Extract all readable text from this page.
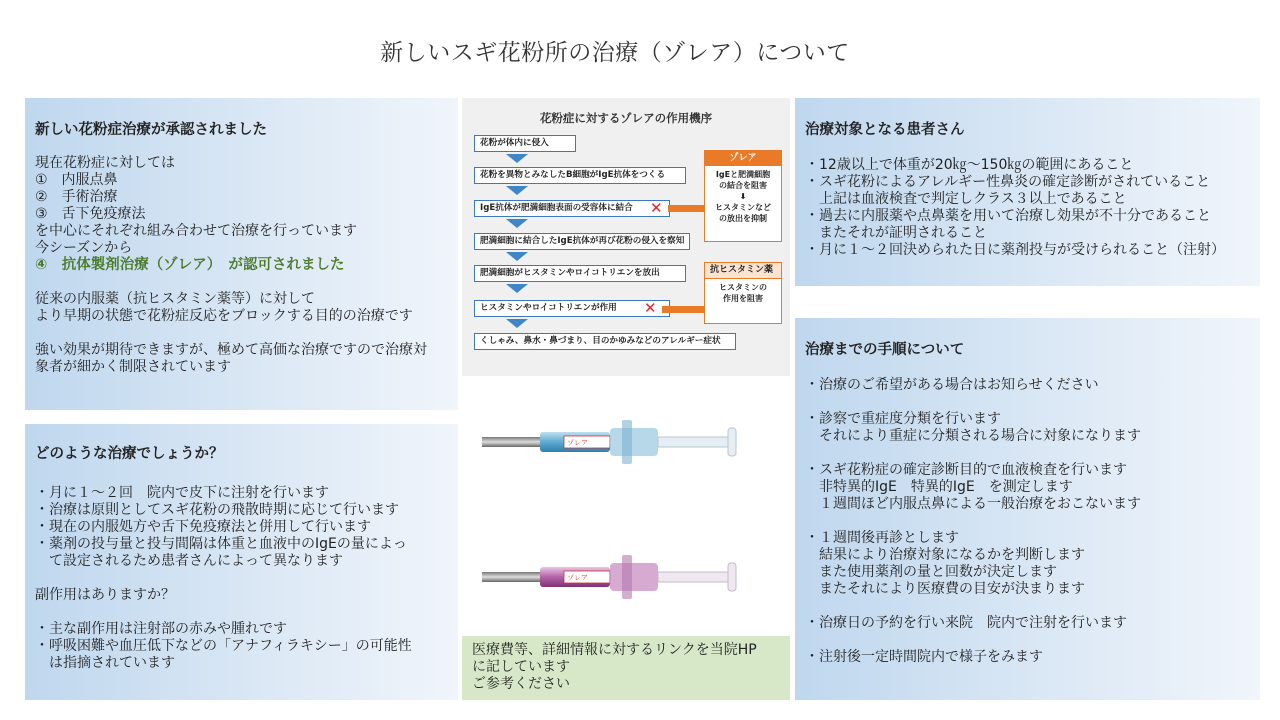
新しいスギ花粉所の治療（ゾレア）について
新しい花粉症治療が承認されました
現在花粉症に対しては
①　内服点鼻
②　手術治療
③　舌下免疫療法
を中心にそれぞれ組み合わせて治療を行っています
今シーズンから
④　抗体製剤治療（ゾレア）　が認可されました
従来の内服薬（抗ヒスタミン薬等）に対して
より早期の状態で花粉症反応をブロックする目的の治療です
強い効果が期待できますが、極めて高価な治療ですので治療対
象者が細かく制限されています
どのような治療でしょうか？
・月に１～２回　院内で皮下に注射を行います
・治療は原則としてスギ花粉の飛散時期に応じて行います
・現在の内服処方や舌下免疫療法と併用して行います
・薬剤の投与量と投与間隔は体重と血液中のIgEの量によっ
　て設定されるため患者さんによって異なります
副作用はありますか？
・主な副作用は注射部の赤みや腫れです
・呼吸困難や血圧低下などの「アナフィラキシー」の可能性
　は指摘されています
花粉症に対するゾレアの作用機序
花粉が体内に侵入
花粉を異物とみなしたB細胞がIgE抗体をつくる
IgE抗体が肥満細胞表面の受容体に結合	✕
肥満細胞に結合したIgE抗体が再び花粉の侵入を察知
肥満細胞がヒスタミンやロイコトリエンを放出
ヒスタミンやロイコトリエンが作用	✕
くしゃみ、鼻水・鼻づまり、目のかゆみなどのアレルギー症状
ゾレア
IgEと肥満細胞
の結合を阻害
⬇
ヒスタミンなど
の放出を抑制
抗ヒスタミン薬
ヒスタミンの
作用を阻害
ゾレア
ゾレア
医療費等、詳細情報に対するリンクを当院HP
に記しています
ご参考ください
治療対象となる患者さん
・12歳以上で体重が20㎏～150㎏の範囲にあること
・スギ花粉によるアレルギー性鼻炎の確定診断がされていること
　上記は血液検査で判定しクラス３以上であること
・過去に内服薬や点鼻薬を用いて治療し効果が不十分であること
　またそれが証明されること
・月に１～２回決められた日に薬剤投与が受けられること（注射）
治療までの手順について
・治療のご希望がある場合はお知らせください
・診察で重症度分類を行います
　それにより重症に分類される場合に対象になります
・スギ花粉症の確定診断目的で血液検査を行います
　非特異的IgE　特異的IgE　を測定します
　１週間ほど内服点鼻による一般治療をおこないます
・１週間後再診とします
　結果により治療対象になるかを判断します
　また使用薬剤の量と回数が決定します
　またそれにより医療費の目安が決まります
・治療日の予約を行い来院　院内で注射を行います
・注射後一定時間院内で様子をみます
